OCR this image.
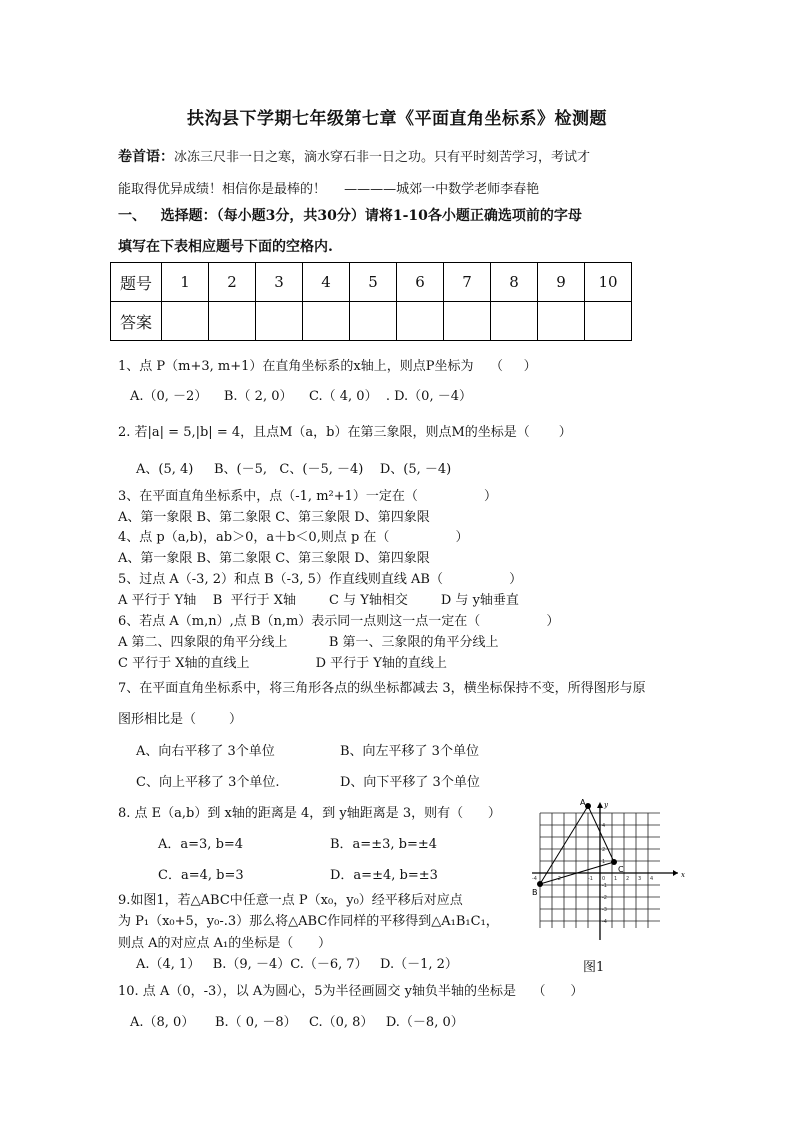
扶沟县下学期七年级第七章《平面直角坐标系》检测题
卷首语：冰冻三尺非一日之寒，滴水穿石非一日之功。只有平时刻苦学习，考试才
能取得优异成绩！相信你是最棒的！ ————城郊一中数学老师李春艳
一、   选择题：（每小题3分，共30分）请将1-10各小题正确选项前的字母
填写在下表相应题号下面的空格内.
题号	1	2	3	4	5	6	7	8	9	10
答案										
1、点 P（m+3, m+1）在直角坐标系的x轴上，则点P坐标为    （     ）
A.（0, －2）    B.（ 2, 0）    C.（ 4, 0）  . D.（0, －4）
2. 若|a| = 5,|b| = 4，且点M（a，b）在第三象限，则点M的坐标是（       ）
A、(5, 4)     B、(－5,   C、(－5, －4)    D、(5, －4)
3、在平面直角坐标系中，点（-1, m²+1）一定在（                ）
A、第一象限 B、第二象限 C、第三象限 D、第四象限
4、点 p（a,b)，ab＞0，a＋b＜0,则点 p 在（                ）
A、第一象限 B、第二象限 C、第三象限 D、第四象限
5、过点 A（-3, 2）和点 B（-3, 5）作直线则直线 AB（                ）
A 平行于 Y轴    B  平行于 X轴        C 与 Y轴相交        D 与 y轴垂直
6、若点 A（m,n）,点 B（n,m）表示同一点则这一点一定在（                ）
A 第二、四象限的角平分线上          B 第一、三象限的角平分线上
C 平行于 X轴的直线上                D 平行于 Y轴的直线上
7、在平面直角坐标系中，将三角形各点的纵坐标都减去 3，横坐标保持不变，所得图形与原
图形相比是（        ）
A、向右平移了 3个单位	B、向左平移了 3个单位
C、向上平移了 3个单位.	D、向下平移了 3个单位
8. 点 E（a,b）到 x轴的距离是 4，到 y轴距离是 3，则有（      ）
A．a=3, b=4	B．a=±3, b=±4
C．a=4, b=3	D．a=±4, b=±3
9.如图1，若△ABC中任意一点 P（x₀，y₀）经平移后对应点
为 P₁（x₀+5，y₀-.3）那么将△ABC作同样的平移得到△A₁B₁C₁，
则点 A的对应点 A₁的坐标是（      ）
A.（4, 1）   B.（9, －4）C.（－6, 7）   D.（－1, 2）
10. 点 A（0，-3），以 A为圆心，5为半径画圆交 y轴负半轴的坐标是    （      ）
A.（8, 0）     B.（ 0, －8）   C.（0, 8）   D.（－8, 0）
-4	-2	-1 0 1 2 3 4
4
2
1
-1
-2
-3
-4
A
B
C
x
y
图1
